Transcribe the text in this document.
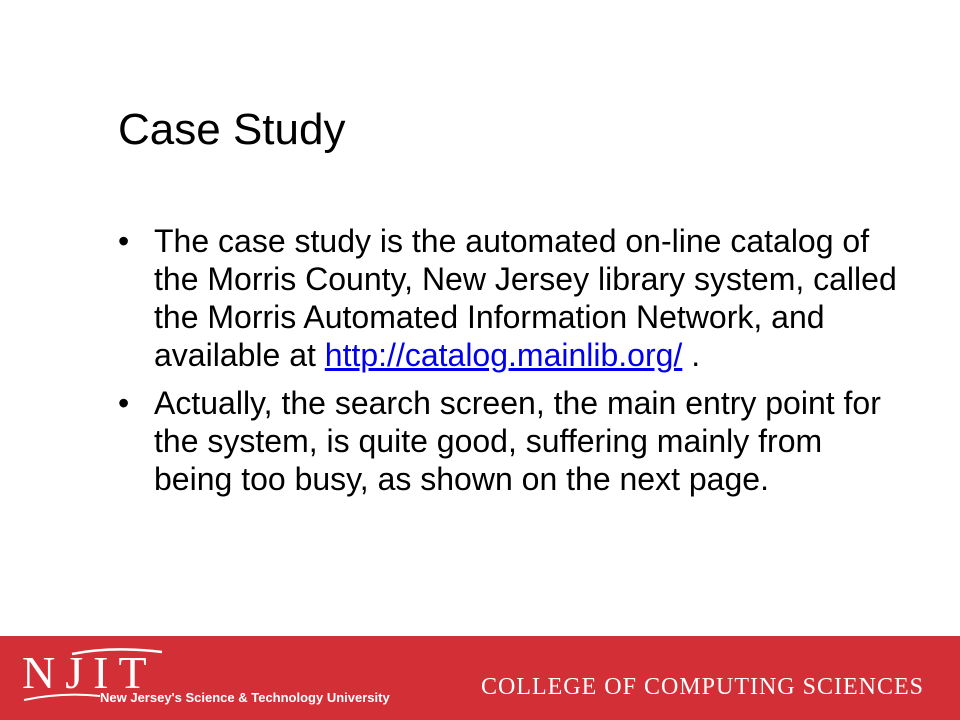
Case Study
• The case study is the automated on-line catalog of the Morris County, New Jersey library system, called the Morris Automated Information Network, and available at http://catalog.mainlib.org/ .
• Actually, the search screen, the main entry point for the system, is quite good, suffering mainly from being too busy, as shown on the next page.
NJIT
New Jersey's Science & Technology University	COLLEGE OF COMPUTING SCIENCES
